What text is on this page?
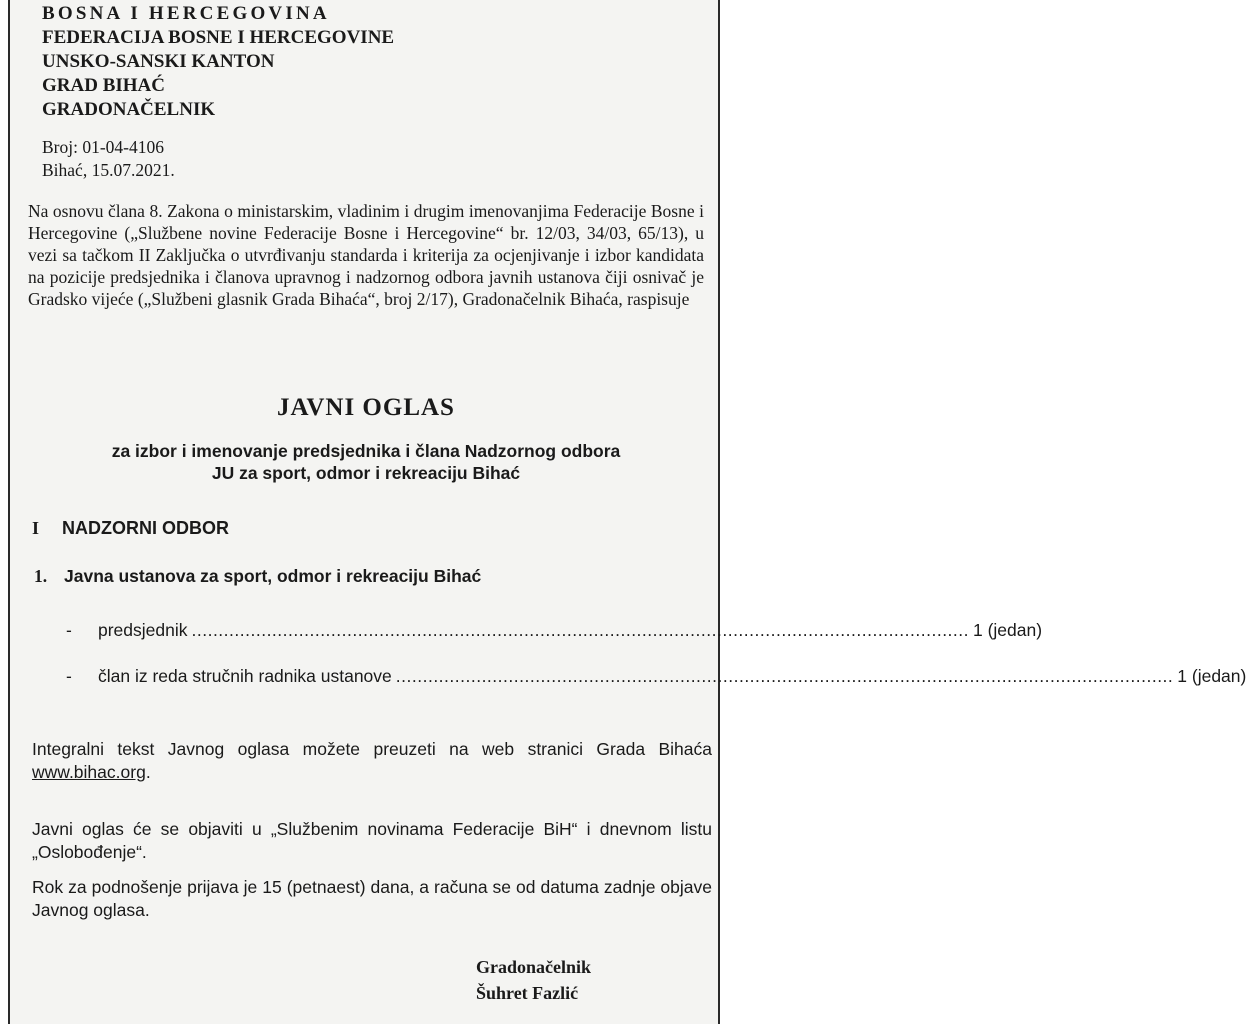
BOSNA I HERCEGOVINA
FEDERACIJA BOSNE I HERCEGOVINE
UNSKO-SANSKI KANTON
GRAD BIHAĆ
GRADONAČELNIK
Broj: 01-04-4106
Bihać, 15.07.2021.

Na osnovu člana 8. Zakona o ministarskim, vladinim i drugim imenovanjima Federacije Bosne i Hercegovine („Službene novine Federacije Bosne i Hercegovine“ br. 12/03, 34/03, 65/13), u vezi sa tačkom II Zaključka o utvrđivanju standarda i kriterija za ocjenjivanje i izbor kandidata na pozicije predsjednika i članova upravnog i nadzornog odbora javnih ustanova čiji osnivač je Gradsko vijeće („Službeni glasnik Grada Bihaća“, broj 2/17), Gradonačelnik Bihaća, raspisuje

JAVNI OGLAS
za izbor i imenovanje predsjednika i člana Nadzornog odbora
JU za sport, odmor i rekreaciju Bihać
I NADZORNI ODBOR
1. Javna ustanova za sport, odmor i rekreaciju Bihać
-	predsjednik ................................................................................................................................................. 1 (jedan)
-	član iz reda stručnih radnika ustanove ................................................................................................................................................. 1 (jedan)
Integralni tekst Javnog oglasa možete preuzeti na web stranici Grada Bihaća www.bihac.org.
Javni oglas će se objaviti u „Službenim novinama Federacije BiH“ i dnevnom listu „Oslobođenje“.
Rok za podnošenje prijava je 15 (petnaest) dana, a računa se od datuma zadnje objave Javnog oglasa.
Gradonačelnik
Šuhret Fazlić
